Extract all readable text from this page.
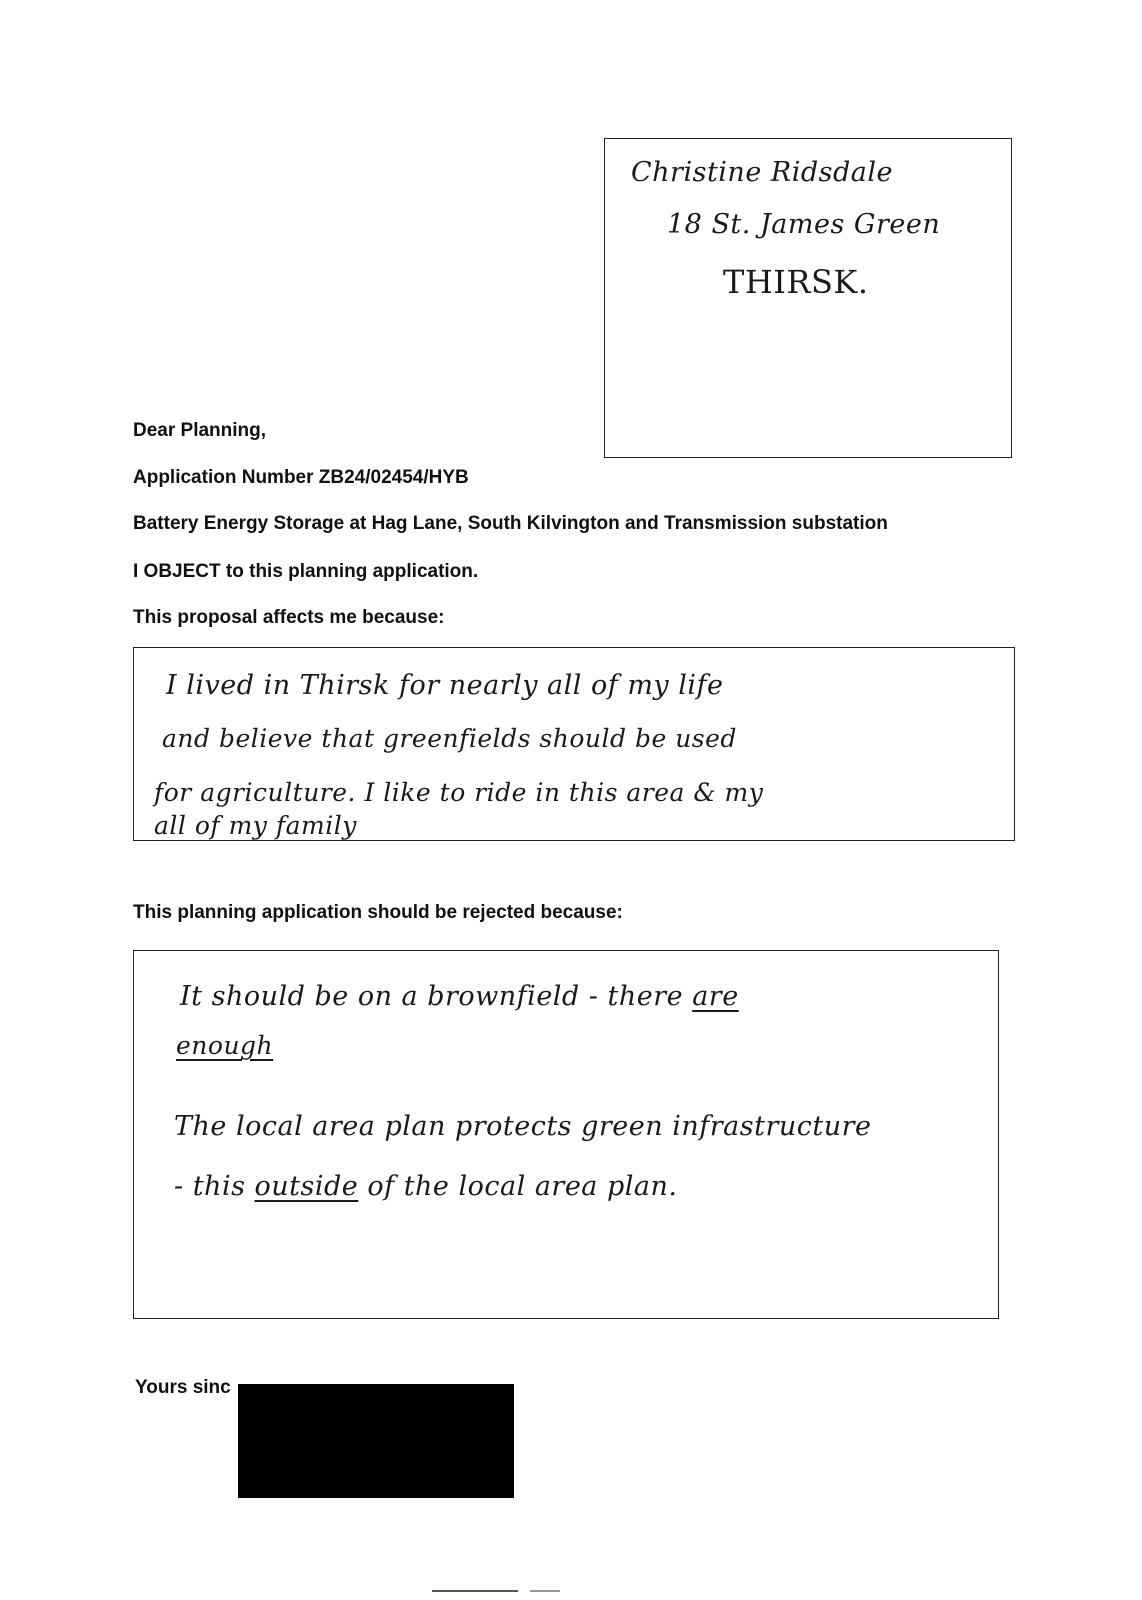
Christine Ridsdale
18 St. James Green
THIRSK.
Dear Planning,
Application Number ZB24/02454/HYB
Battery Energy Storage at Hag Lane, South Kilvington and Transmission substation
I OBJECT to this planning application.
This proposal affects me because:
I lived in Thirsk for nearly all of my life
and believe that greenfields should be used
for agriculture. I like to ride in this area & my
all of my family
This planning application should be rejected because:
It should be on a brownfield - there are
enough
The local area plan protects green infrastructure
- this outside of the local area plan.
Yours sinc
